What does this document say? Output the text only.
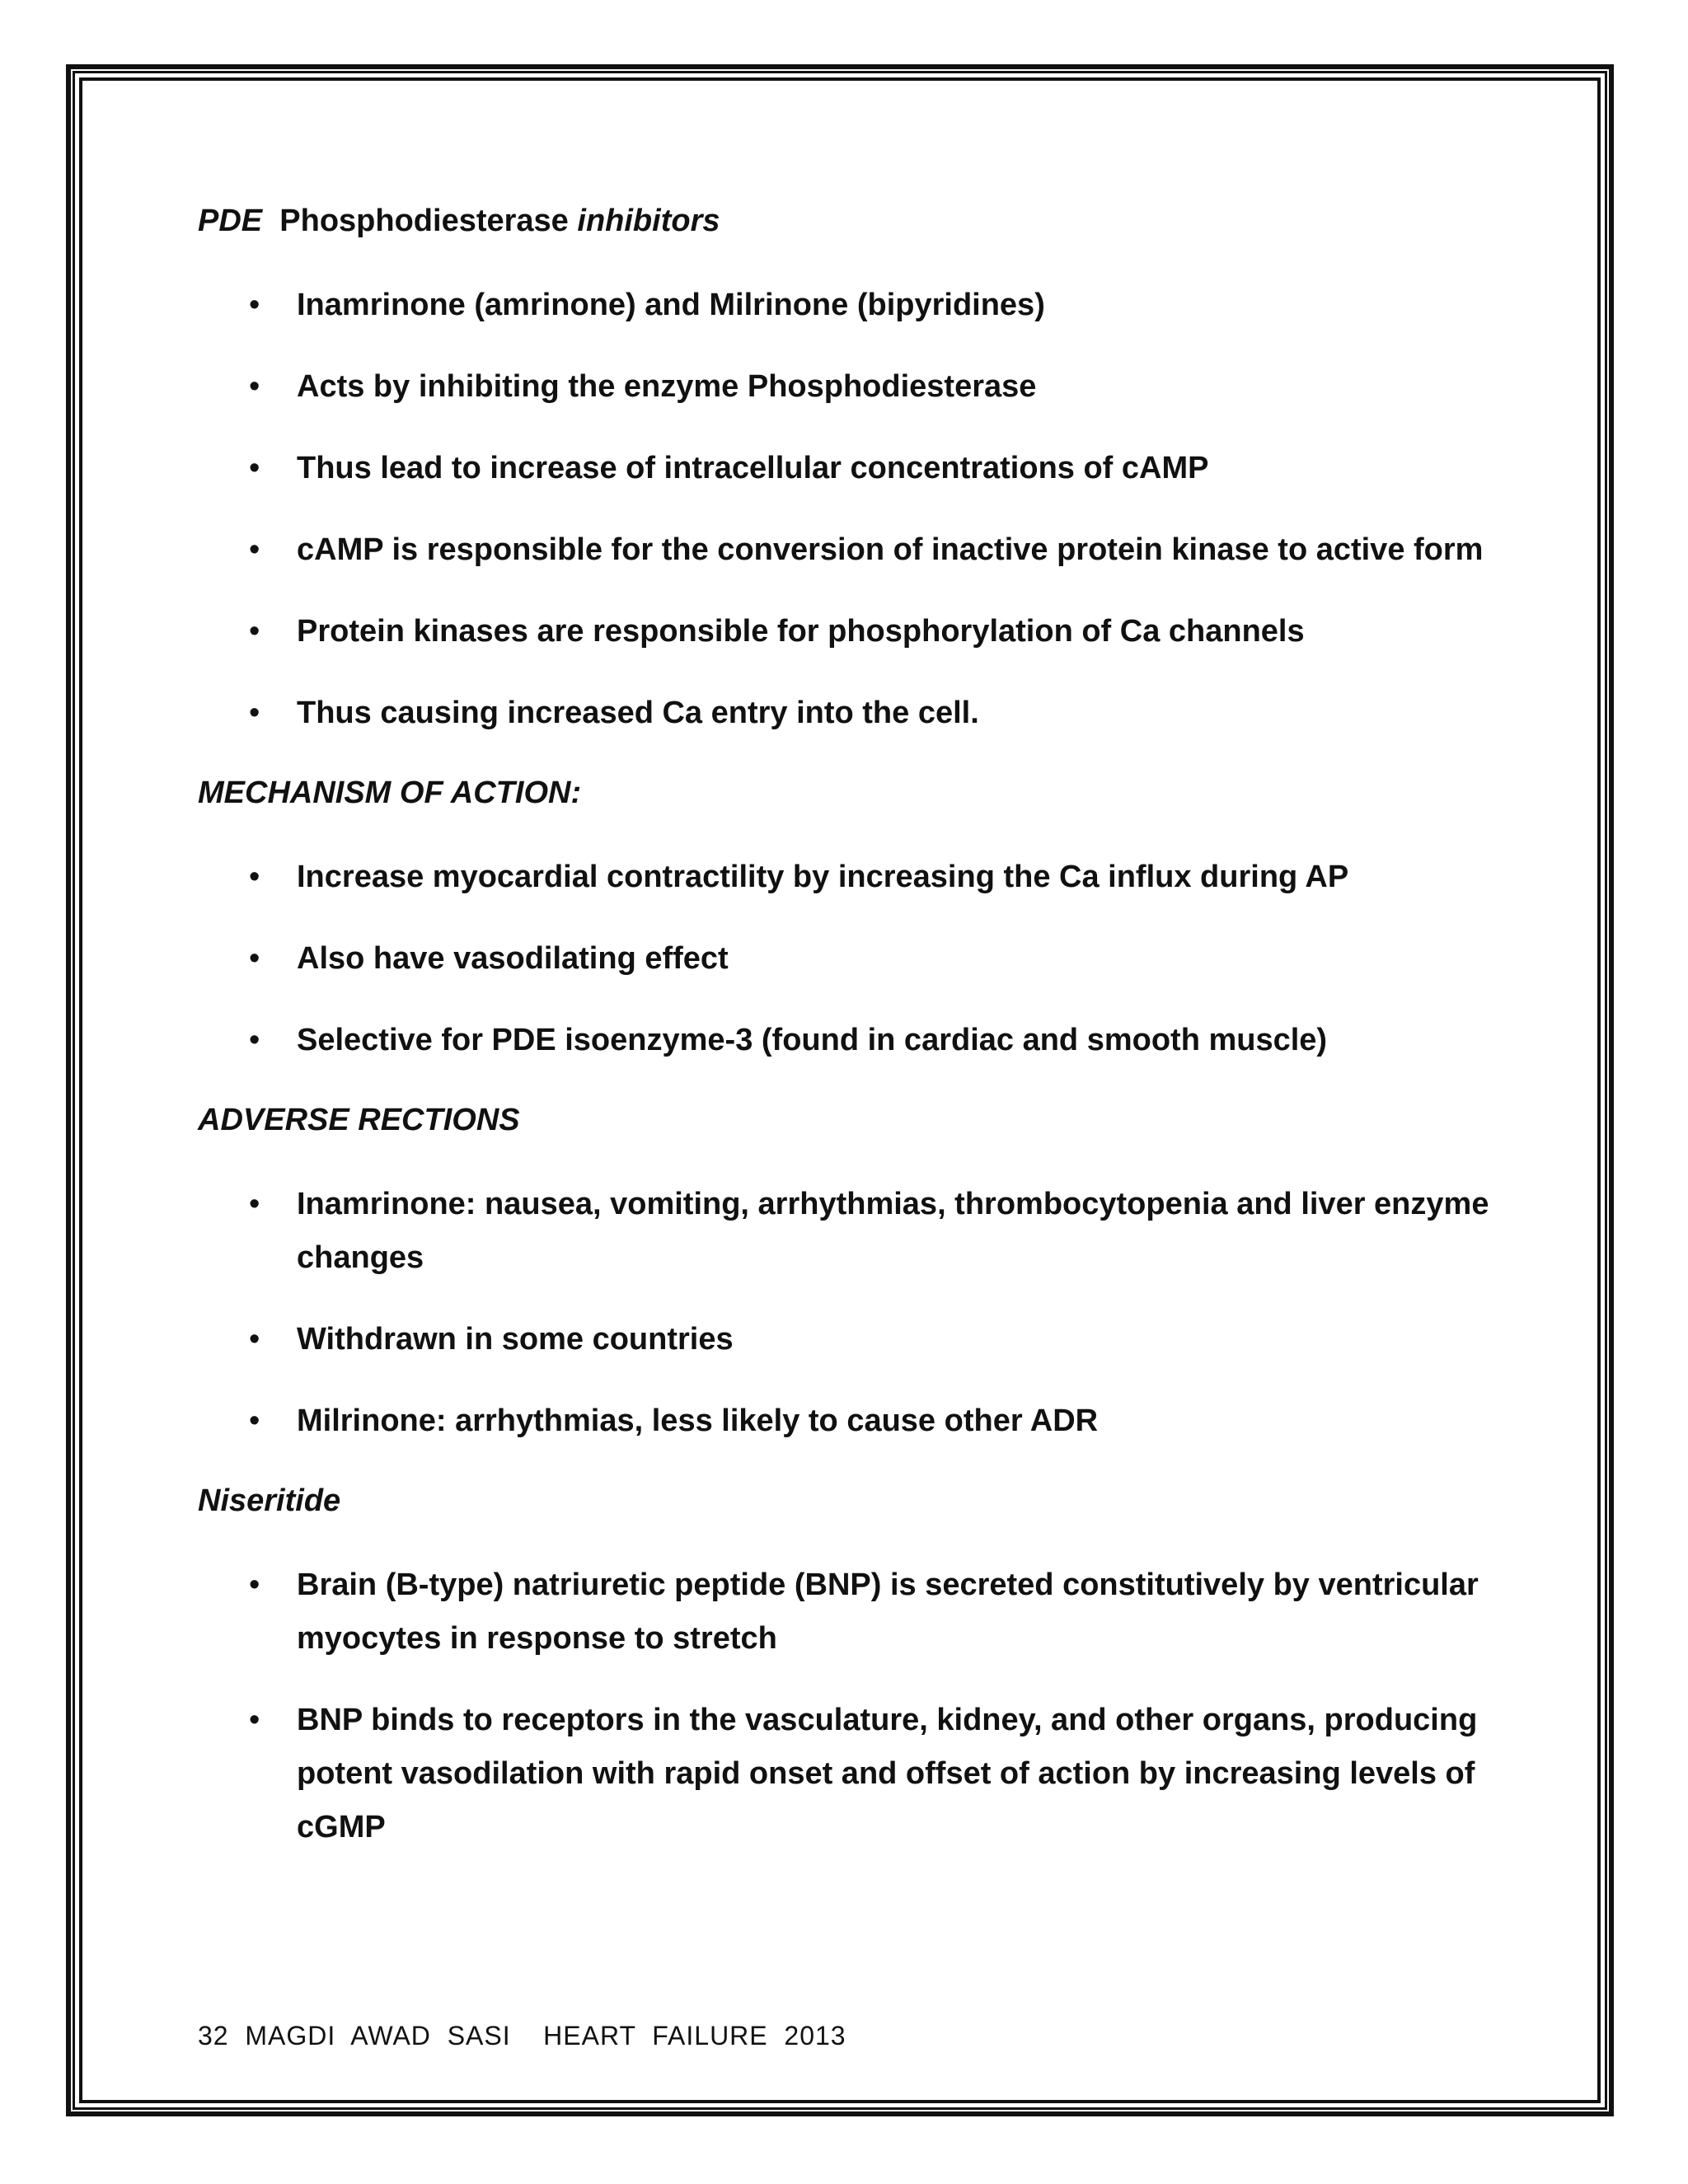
PDE Phosphodiesterase inhibitors
• Inamrinone (amrinone) and Milrinone (bipyridines)
• Acts by inhibiting the enzyme Phosphodiesterase
• Thus lead to increase of intracellular concentrations of cAMP
• cAMP is responsible for the conversion of inactive protein kinase to active form
• Protein kinases are responsible for phosphorylation of Ca channels
• Thus causing increased Ca entry into the cell.
MECHANISM OF ACTION:
• Increase myocardial contractility by increasing the Ca influx during AP
• Also have vasodilating effect
• Selective for PDE isoenzyme-3 (found in cardiac and smooth muscle)
ADVERSE RECTIONS
• Inamrinone: nausea, vomiting, arrhythmias, thrombocytopenia and liver enzyme changes
• Withdrawn in some countries
• Milrinone: arrhythmias, less likely to cause other ADR
Niseritide
• Brain (B-type) natriuretic peptide (BNP) is secreted constitutively by ventricular myocytes in response to stretch
• BNP binds to receptors in the vasculature, kidney, and other organs, producing potent vasodilation with rapid onset and offset of action by increasing levels of cGMP
32  MAGDI  AWAD  SASI    HEART  FAILURE  2013
